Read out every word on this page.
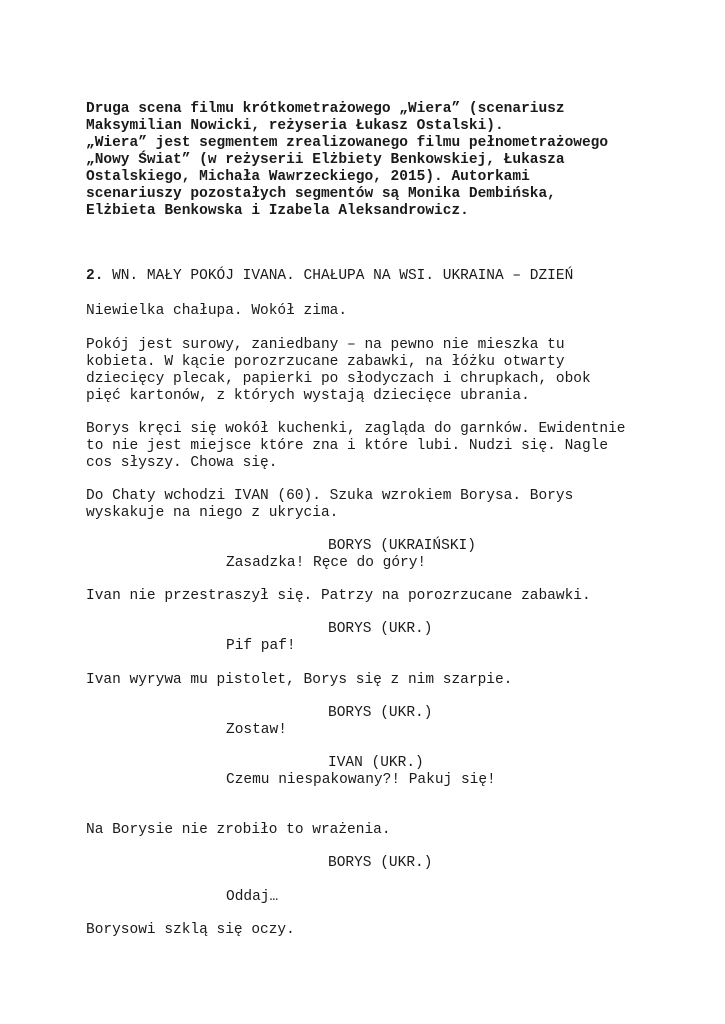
Druga scena filmu krótkometrażowego „Wiera” (scenariusz
Maksymilian Nowicki, reżyseria Łukasz Ostalski).
„Wiera” jest segmentem zrealizowanego filmu pełnometrażowego
„Nowy Świat” (w reżyserii Elżbiety Benkowskiej, Łukasza
Ostalskiego, Michała Wawrzeckiego, 2015). Autorkami
scenariuszy pozostałych segmentów są Monika Dembińska,
Elżbieta Benkowska i Izabela Aleksandrowicz.
2. WN. MAŁY POKÓJ IVANA. CHAŁUPA NA WSI. UKRAINA – DZIEŃ
Niewielka chałupa. Wokół zima.
Pokój jest surowy, zaniedbany – na pewno nie mieszka tu
kobieta. W kącie porozrzucane zabawki, na łóżku otwarty
dziecięcy plecak, papierki po słodyczach i chrupkach, obok
pięć kartonów, z których wystają dziecięce ubrania.
Borys kręci się wokół kuchenki, zagląda do garnków. Ewidentnie
to nie jest miejsce które zna i które lubi. Nudzi się. Nagle
cos słyszy. Chowa się.
Do Chaty wchodzi IVAN (60). Szuka wzrokiem Borysa. Borys
wyskakuje na niego z ukrycia.
BORYS (UKRAIŃSKI)
Zasadzka! Ręce do góry!
Ivan nie przestraszył się. Patrzy na porozrzucane zabawki.
BORYS (UKR.)
Pif paf!
Ivan wyrywa mu pistolet, Borys się z nim szarpie.
BORYS (UKR.)
Zostaw!
IVAN (UKR.)
Czemu niespakowany?! Pakuj się!
Na Borysie nie zrobiło to wrażenia.
BORYS (UKR.)
Oddaj…
Borysowi szklą się oczy.
